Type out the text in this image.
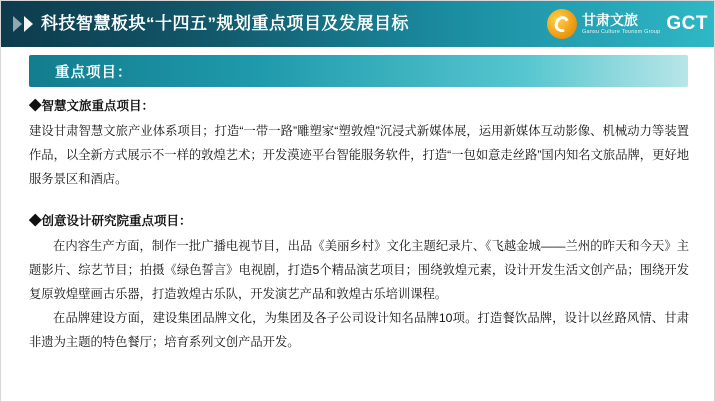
科技智慧板块“十四五”规划重点项目及发展目标	甘肃文旅
Gansu Culture Tourism Group GCT
重点项目：
◆智慧文旅重点项目：

建设甘肃智慧文旅产业体系项目；打造“一带一路”雕塑家“塑敦煌”沉浸式新媒体展，运用新媒体互动影像、机械动力等装置作品，以全新方式展示不一样的敦煌艺术；开发漠迹平台智能服务软件，打造“一包如意走丝路”国内知名文旅品牌，更好地服务景区和酒店。

◆创意设计研究院重点项目：

在内容生产方面，制作一批广播电视节目，出品《美丽乡村》文化主题纪录片、《飞越金城——兰州的昨天和今天》主题影片、综艺节目；拍摄《绿色誓言》电视剧，打造5个精品演艺项目；围绕敦煌元素，设计开发生活文创产品；围绕开发复原敦煌壁画古乐器，打造敦煌古乐队，开发演艺产品和敦煌古乐培训课程。

在品牌建设方面，建设集团品牌文化，为集团及各子公司设计知名品牌10项。打造餐饮品牌，设计以丝路风情、甘肃非遗为主题的特色餐厅；培育系列文创产品开发。
